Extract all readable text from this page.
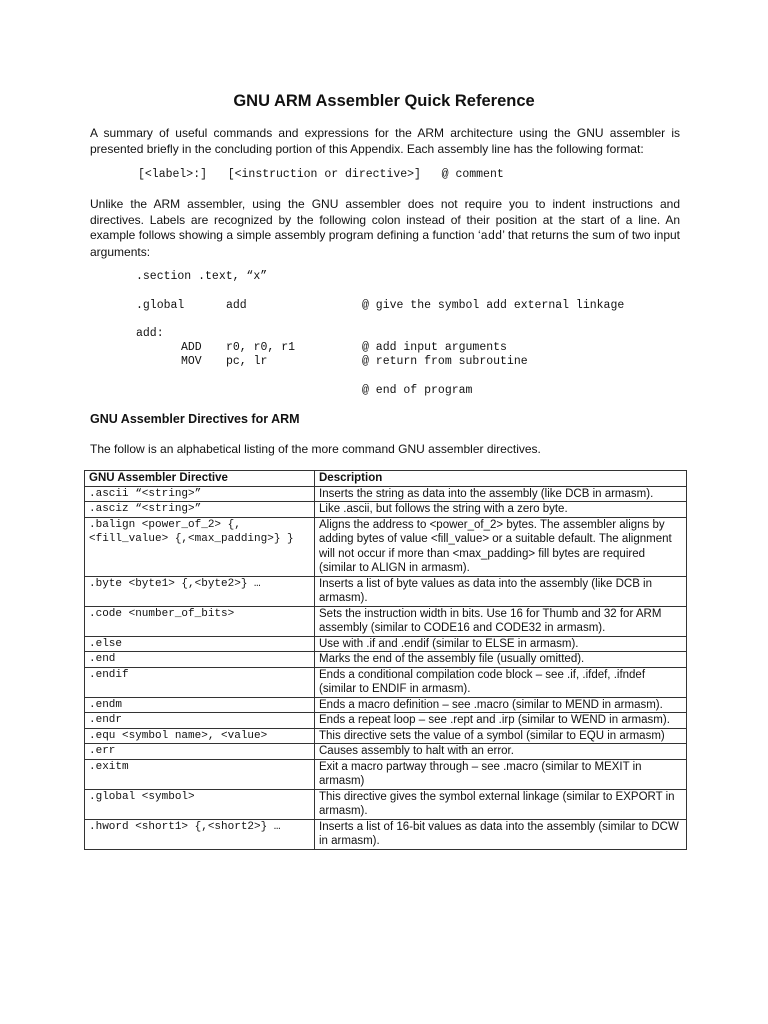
GNU ARM Assembler Quick Reference

A summary of useful commands and expressions for the ARM architecture using the GNU assembler is presented briefly in the concluding portion of this Appendix. Each assembly line has the following format:

[<label>:]   [<instruction or directive>]   @ comment

Unlike the ARM assembler, using the GNU assembler does not require you to indent instructions and directives. Labels are recognized by the following colon instead of their position at the start of a line. An example follows showing a simple assembly program defining a function ‘add’ that returns the sum of two input arguments:

.section .text, “x”

.global	add	@ give the symbol add external linkage

add:

ADD r0, r0, r1	@ add input arguments

MOV pc, lr	@ return from subroutine

@ end of program

GNU Assembler Directives for ARM

The follow is an alphabetical listing of the more command GNU assembler directives.

GNU Assembler Directive	Description
.ascii “<string>”	Inserts the string as data into the assembly (like DCB in armasm).
.asciz “<string>”	Like .ascii, but follows the string with a zero byte.
.balign <power_of_2> {,<fill_value> {,<max_padding>} }	Aligns the address to <power_of_2> bytes. The assembler aligns by adding bytes of value <fill_value> or a suitable default. The alignment will not occur if more than <max_padding> fill bytes are required (similar to ALIGN in armasm).
.byte <byte1> {,<byte2>} …	Inserts a list of byte values as data into the assembly (like DCB in armasm).
.code <number_of_bits>	Sets the instruction width in bits. Use 16 for Thumb and 32 for ARM assembly (similar to CODE16 and CODE32 in armasm).
.else	Use with .if and .endif (similar to ELSE in armasm).
.end	Marks the end of the assembly file (usually omitted).
.endif	Ends a conditional compilation code block – see .if, .ifdef, .ifndef (similar to ENDIF in armasm).
.endm	Ends a macro definition – see .macro (similar to MEND in armasm).
.endr	Ends a repeat loop – see .rept and .irp (similar to WEND in armasm).
.equ <symbol name>, <value>	This directive sets the value of a symbol (similar to EQU in armasm)
.err	Causes assembly to halt with an error.
.exitm	Exit a macro partway through – see .macro (similar to MEXIT in armasm)
.global <symbol>	This directive gives the symbol external linkage (similar to EXPORT in armasm).
.hword <short1> {,<short2>} …	Inserts a list of 16-bit values as data into the assembly (similar to DCW in armasm).
